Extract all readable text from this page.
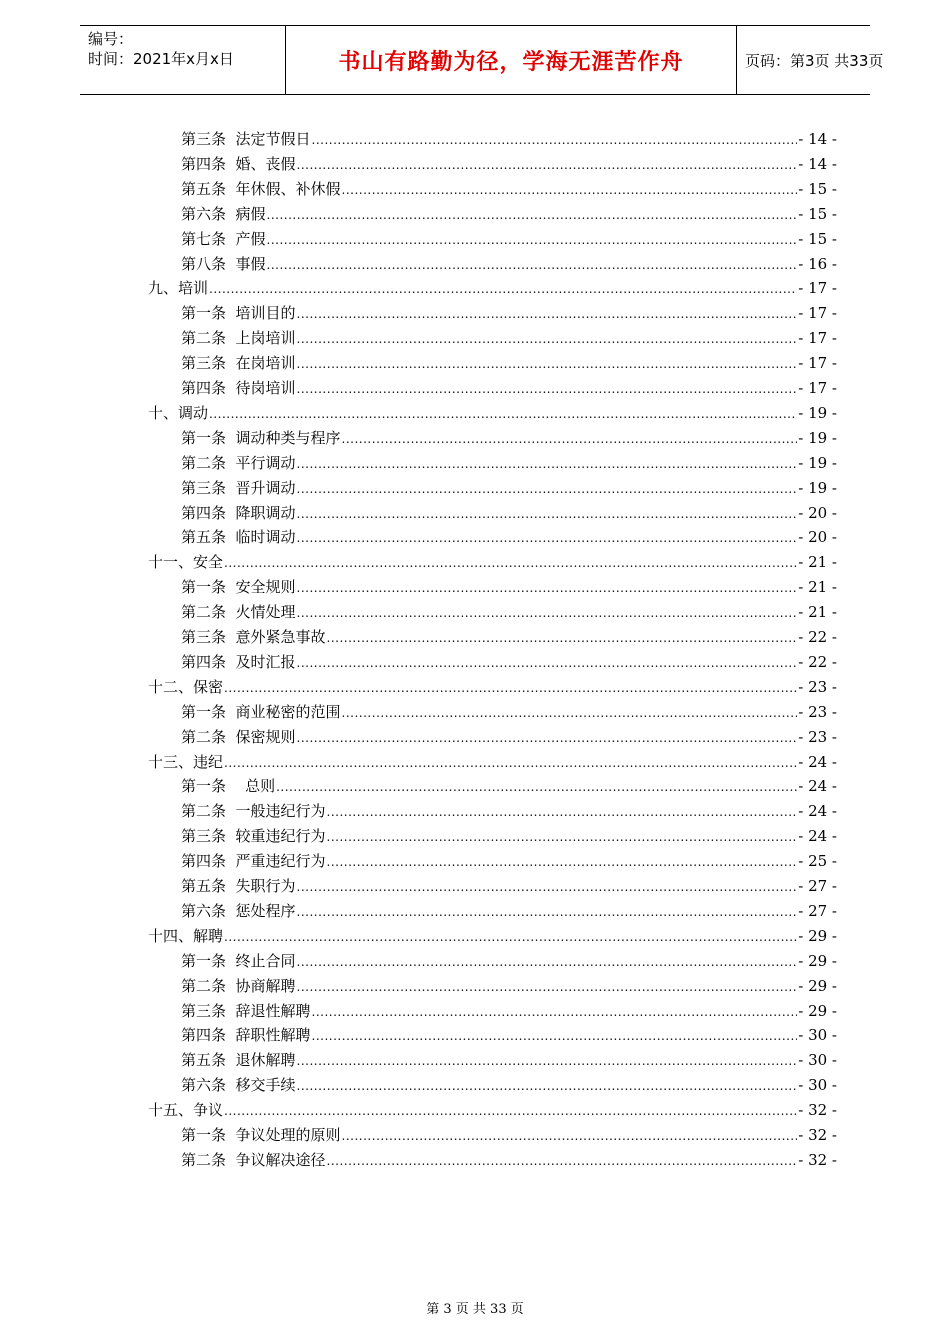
编号：
时间：2021年x月x日	书山有路勤为径，学海无涯苦作舟	页码：第3页 共33页
第三条  法定节假日 .....	- 14 -
第四条  婚、丧假 .....	- 14 -
第五条  年休假、补休假 .....	- 15 -
第六条  病假 .....	- 15 -
第七条  产假 .....	- 15 -
第八条  事假 .....	- 16 -
九、培训 .....	- 17 -
第一条  培训目的 .....	- 17 -
第二条  上岗培训 .....	- 17 -
第三条  在岗培训 .....	- 17 -
第四条  待岗培训 .....	- 17 -
十、调动 .....	- 19 -
第一条  调动种类与程序 .....	- 19 -
第二条  平行调动 .....	- 19 -
第三条  晋升调动 .....	- 19 -
第四条  降职调动 .....	- 20 -
第五条  临时调动 .....	- 20 -
十一、安全 .....	- 21 -
第一条  安全规则 .....	- 21 -
第二条  火情处理 .....	- 21 -
第三条  意外紧急事故 .....	- 22 -
第四条  及时汇报 .....	- 22 -
十二、保密 .....	- 23 -
第一条  商业秘密的范围 .....	- 23 -
第二条  保密规则 .....	- 23 -
十三、违纪 .....	- 24 -
第一条    总则 .....	- 24 -
第二条  一般违纪行为 .....	- 24 -
第三条  较重违纪行为 .....	- 24 -
第四条  严重违纪行为 .....	- 25 -
第五条  失职行为 .....	- 27 -
第六条  惩处程序 .....	- 27 -
十四、解聘 .....	- 29 -
第一条  终止合同 .....	- 29 -
第二条  协商解聘 .....	- 29 -
第三条  辞退性解聘 .....	- 29 -
第四条  辞职性解聘 .....	- 30 -
第五条  退休解聘 .....	- 30 -
第六条  移交手续 .....	- 30 -
十五、争议 .....	- 32 -
第一条  争议处理的原则 .....	- 32 -
第二条  争议解决途径 .....	- 32 -
第 3 页 共 33 页
